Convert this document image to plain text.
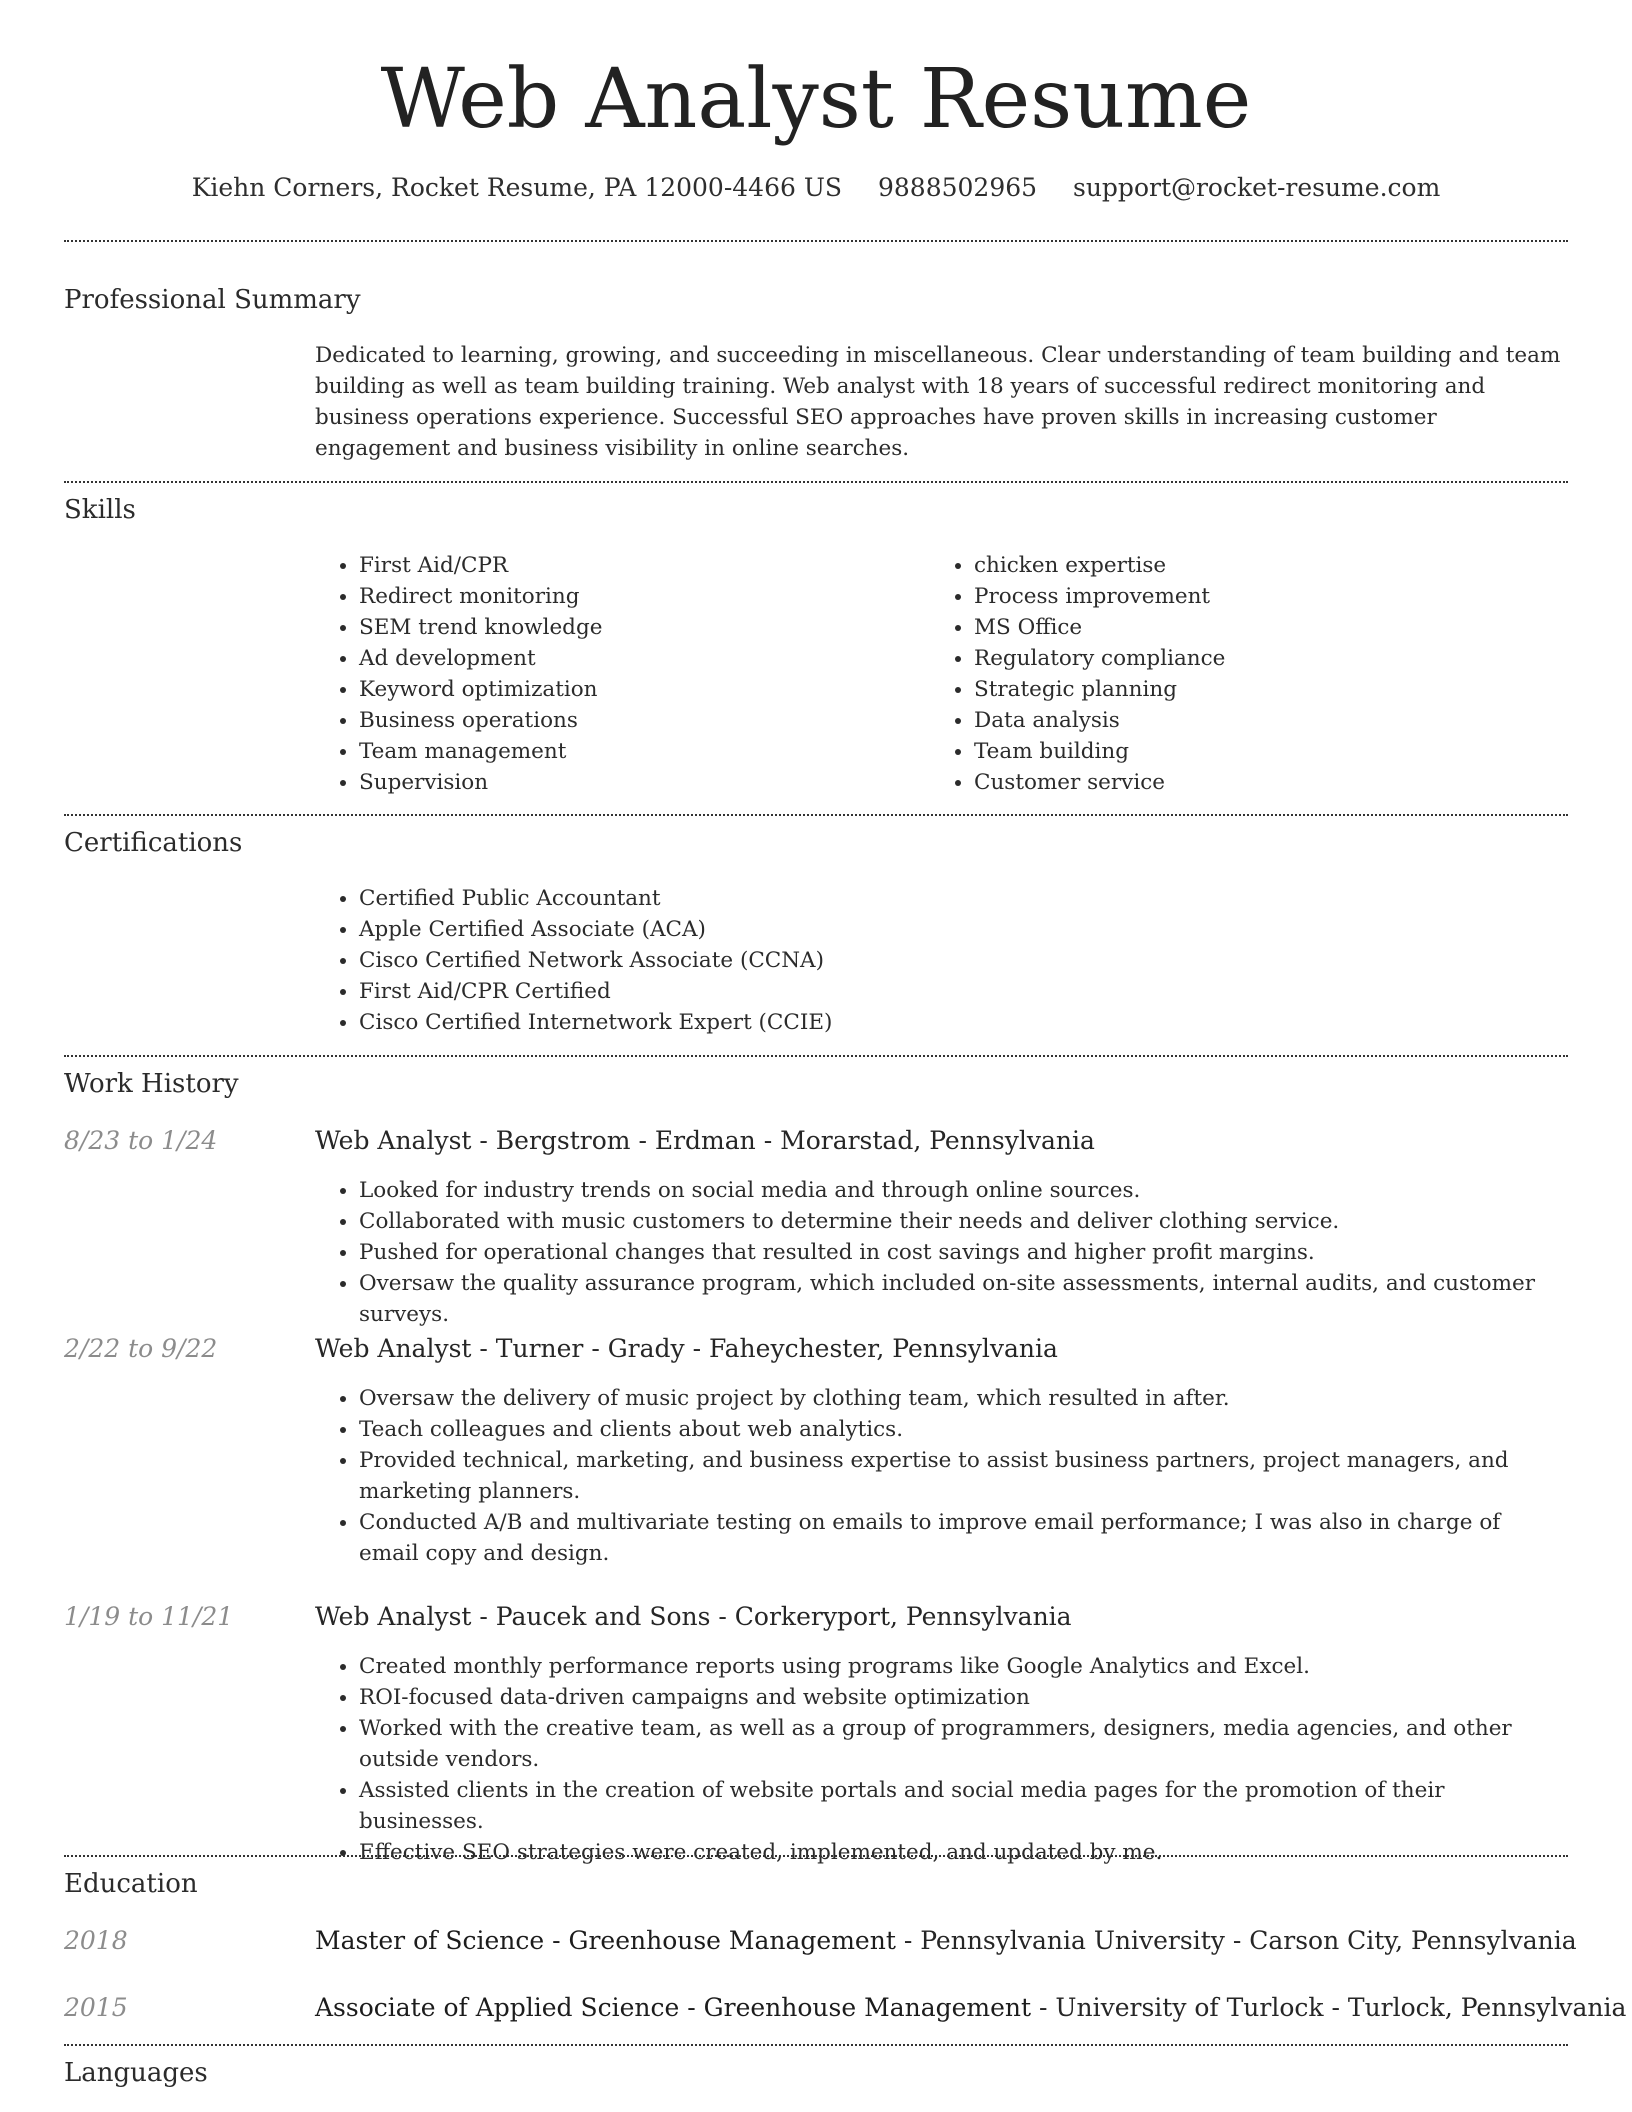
Web Analyst Resume
Kiehn Corners, Rocket Resume, PA 12000-4466 US 9888502965 support@rocket-resume.com
Professional Summary

Dedicated to learning, growing, and succeeding in miscellaneous. Clear understanding of team building and team building as well as team building training. Web analyst with 18 years of successful redirect monitoring and business operations experience. Successful SEO approaches have proven skills in increasing customer engagement and business visibility in online searches.

Skills
• First Aid/CPR
• Redirect monitoring
• SEM trend knowledge
• Ad development
• Keyword optimization
• Business operations
• Team management
• Supervision
• chicken expertise
• Process improvement
• MS Office
• Regulatory compliance
• Strategic planning
• Data analysis
• Team building
• Customer service
Certifications
• Certified Public Accountant
• Apple Certified Associate (ACA)
• Cisco Certified Network Associate (CCNA)
• First Aid/CPR Certified
• Cisco Certified Internetwork Expert (CCIE)
Work History
8/23 to 1/24	Web Analyst - Bergstrom - Erdman - Morarstad, Pennsylvania
• Looked for industry trends on social media and through online sources.
• Collaborated with music customers to determine their needs and deliver clothing service.
• Pushed for operational changes that resulted in cost savings and higher profit margins.
• Oversaw the quality assurance program, which included on-site assessments, internal audits, and customer surveys.
2/22 to 9/22	Web Analyst - Turner - Grady - Faheychester, Pennsylvania
• Oversaw the delivery of music project by clothing team, which resulted in after.
• Teach colleagues and clients about web analytics.
• Provided technical, marketing, and business expertise to assist business partners, project managers, and marketing planners.
• Conducted A/B and multivariate testing on emails to improve email performance; I was also in charge of email copy and design.
1/19 to 11/21	Web Analyst - Paucek and Sons - Corkeryport, Pennsylvania
• Created monthly performance reports using programs like Google Analytics and Excel.
• ROI-focused data-driven campaigns and website optimization
• Worked with the creative team, as well as a group of programmers, designers, media agencies, and other outside vendors.
• Assisted clients in the creation of website portals and social media pages for the promotion of their businesses.
• Effective SEO strategies were created, implemented, and updated by me.
Education
2018	Master of Science - Greenhouse Management - Pennsylvania University - Carson City, Pennsylvania
2015	Associate of Applied Science - Greenhouse Management - University of Turlock - Turlock, Pennsylvania
Languages
